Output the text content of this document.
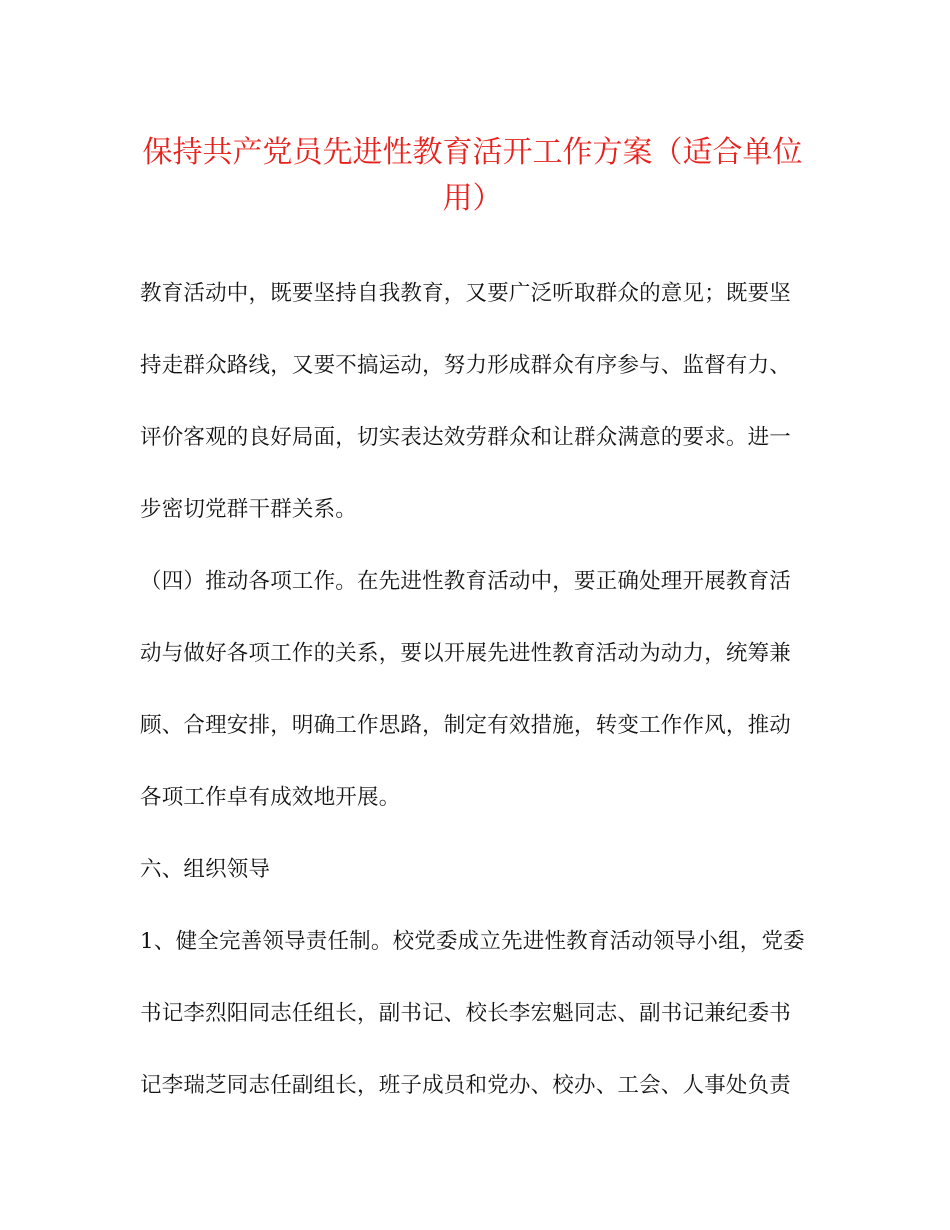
保持共产党员先进性教育活开工作方案（适合单位
用）

教育活动中，既要坚持自我教育，又要广泛听取群众的意见；既要坚

持走群众路线，又要不搞运动，努力形成群众有序参与、监督有力、

评价客观的良好局面，切实表达效劳群众和让群众满意的要求。进一

步密切党群干群关系。

（四）推动各项工作。在先进性教育活动中，要正确处理开展教育活

动与做好各项工作的关系，要以开展先进性教育活动为动力，统筹兼

顾、合理安排，明确工作思路，制定有效措施，转变工作作风，推动

各项工作卓有成效地开展。

六、组织领导

1、健全完善领导责任制。校党委成立先进性教育活动领导小组，党委

书记李烈阳同志任组长，副书记、校长李宏魁同志、副书记兼纪委书

记李瑞芝同志任副组长，班子成员和党办、校办、工会、人事处负责
